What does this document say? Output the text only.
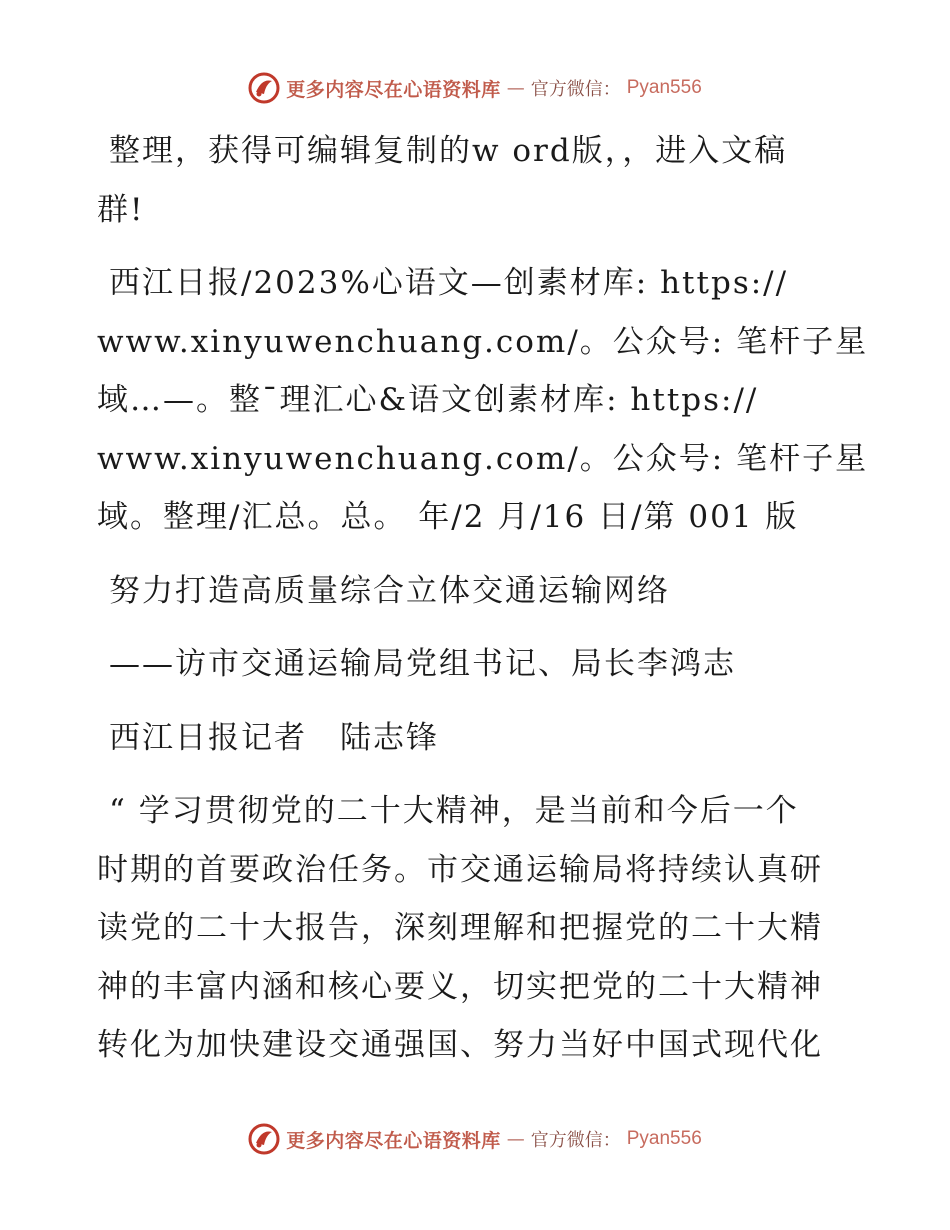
更多内容尽在心语资料库 — 官方微信： Pyan556
整理，获得可编辑复制的w ord版，，进入文稿
群!
西江日报/2023%心语文—创素材库: https://
www.xinyuwenchuang.com/。公众号: 笔杆子星
域…—。整¯理汇心&语文创素材库: https://
www.xinyuwenchuang.com/。公众号: 笔杆子星
域。整理/汇总。总。 年/2 月/16 日/第 001 版
努力打造高质量综合立体交通运输网络
——访市交通运输局党组书记、局长李鸿志
西江日报记者　陆志锋
“ 学习贯彻党的二十大精神，是当前和今后一个
时期的首要政治任务。市交通运输局将持续认真研
读党的二十大报告，深刻理解和把握党的二十大精
神的丰富内涵和核心要义，切实把党的二十大精神
转化为加快建设交通强国、努力当好中国式现代化
更多内容尽在心语资料库 — 官方微信： Pyan556
